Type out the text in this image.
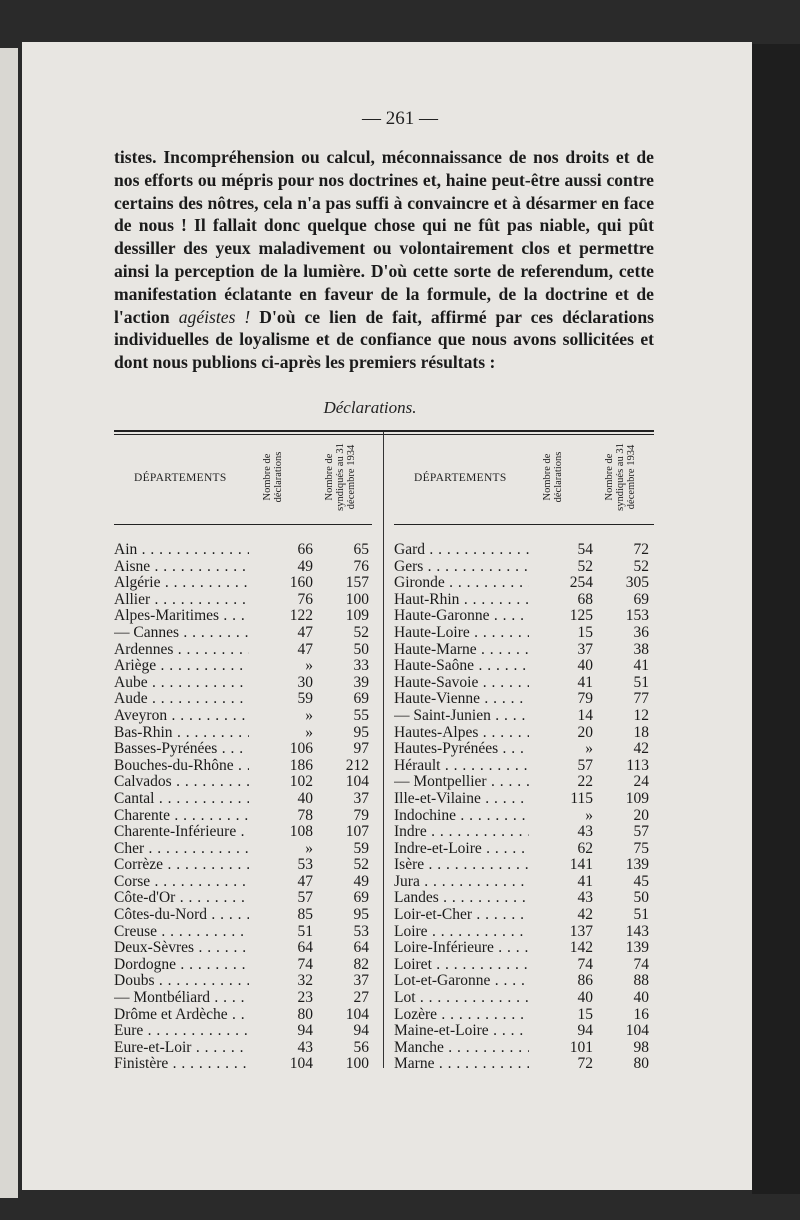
— 261 —
tistes. Incompréhension ou calcul, méconnaissance de nos droits et de nos efforts ou mépris pour nos doctrines et, haine peut-être aussi contre certains des nôtres, cela n'a pas suffi à convaincre et à désarmer en face de nous ! Il fallait donc quelque chose qui ne fût pas niable, qui pût dessiller des yeux maladivement ou volontairement clos et permettre ainsi la perception de la lumière. D'où cette sorte de referendum, cette manifestation éclatante en faveur de la formule, de la doctrine et de l'action agéistes ! D'où ce lien de fait, affirmé par ces déclarations individuelles de loyalisme et de confiance que nous avons sollicitées et dont nous publions ci-après les premiers résultats :
Déclarations.
DÉPARTEMENTS	Nombre de déclarations	Nombre de syndiqués au 31 décembre 1934	DÉPARTEMENTS	Nombre de déclarations	Nombre de syndiqués au 31 décembre 1934
Ain . . .	66	65
Aisne . . .	49	76
Algérie . . .	160	157
Allier . . .	76	100
Alpes-Maritimes . . .	122	109
— Cannes . . .	47	52
Ardennes . . .	47	50
Ariège . . .	»	33
Aube . . .	30	39
Aude . . .	59	69
Aveyron . . .	»	55
Bas-Rhin . . .	»	95
Basses-Pyrénées . . .	106	97
Bouches-du-Rhône . . .	186	212
Calvados . . .	102	104
Cantal . . .	40	37
Charente . . .	78	79
Charente-Inférieure . . .	108	107
Cher . . .	»	59
Corrèze . . .	53	52
Corse . . .	47	49
Côte-d'Or . . .	57	69
Côtes-du-Nord . . .	85	95
Creuse . . .	51	53
Deux-Sèvres . . .	64	64
Dordogne . . .	74	82
Doubs . . .	32	37
— Montbéliard . . .	23	27
Drôme et Ardèche . . .	80	104
Eure . . .	94	94
Eure-et-Loir . . .	43	56
Finistère . . .	104	100
Gard . . .	54	72
Gers . . .	52	52
Gironde . . .	254	305
Haut-Rhin . . .	68	69
Haute-Garonne . . .	125	153
Haute-Loire . . .	15	36
Haute-Marne . . .	37	38
Haute-Saône . . .	40	41
Haute-Savoie . . .	41	51
Haute-Vienne . . .	79	77
— Saint-Junien . . .	14	12
Hautes-Alpes . . .	20	18
Hautes-Pyrénées . . .	»	42
Hérault . . .	57	113
— Montpellier . . .	22	24
Ille-et-Vilaine . . .	115	109
Indochine . . .	»	20
Indre . . .	43	57
Indre-et-Loire . . .	62	75
Isère . . .	141	139
Jura . . .	41	45
Landes . . .	43	50
Loir-et-Cher . . .	42	51
Loire . . .	137	143
Loire-Inférieure . . .	142	139
Loiret . . .	74	74
Lot-et-Garonne . . .	86	88
Lot . . .	40	40
Lozère . . .	15	16
Maine-et-Loire . . .	94	104
Manche . . .	101	98
Marne . . .	72	80
